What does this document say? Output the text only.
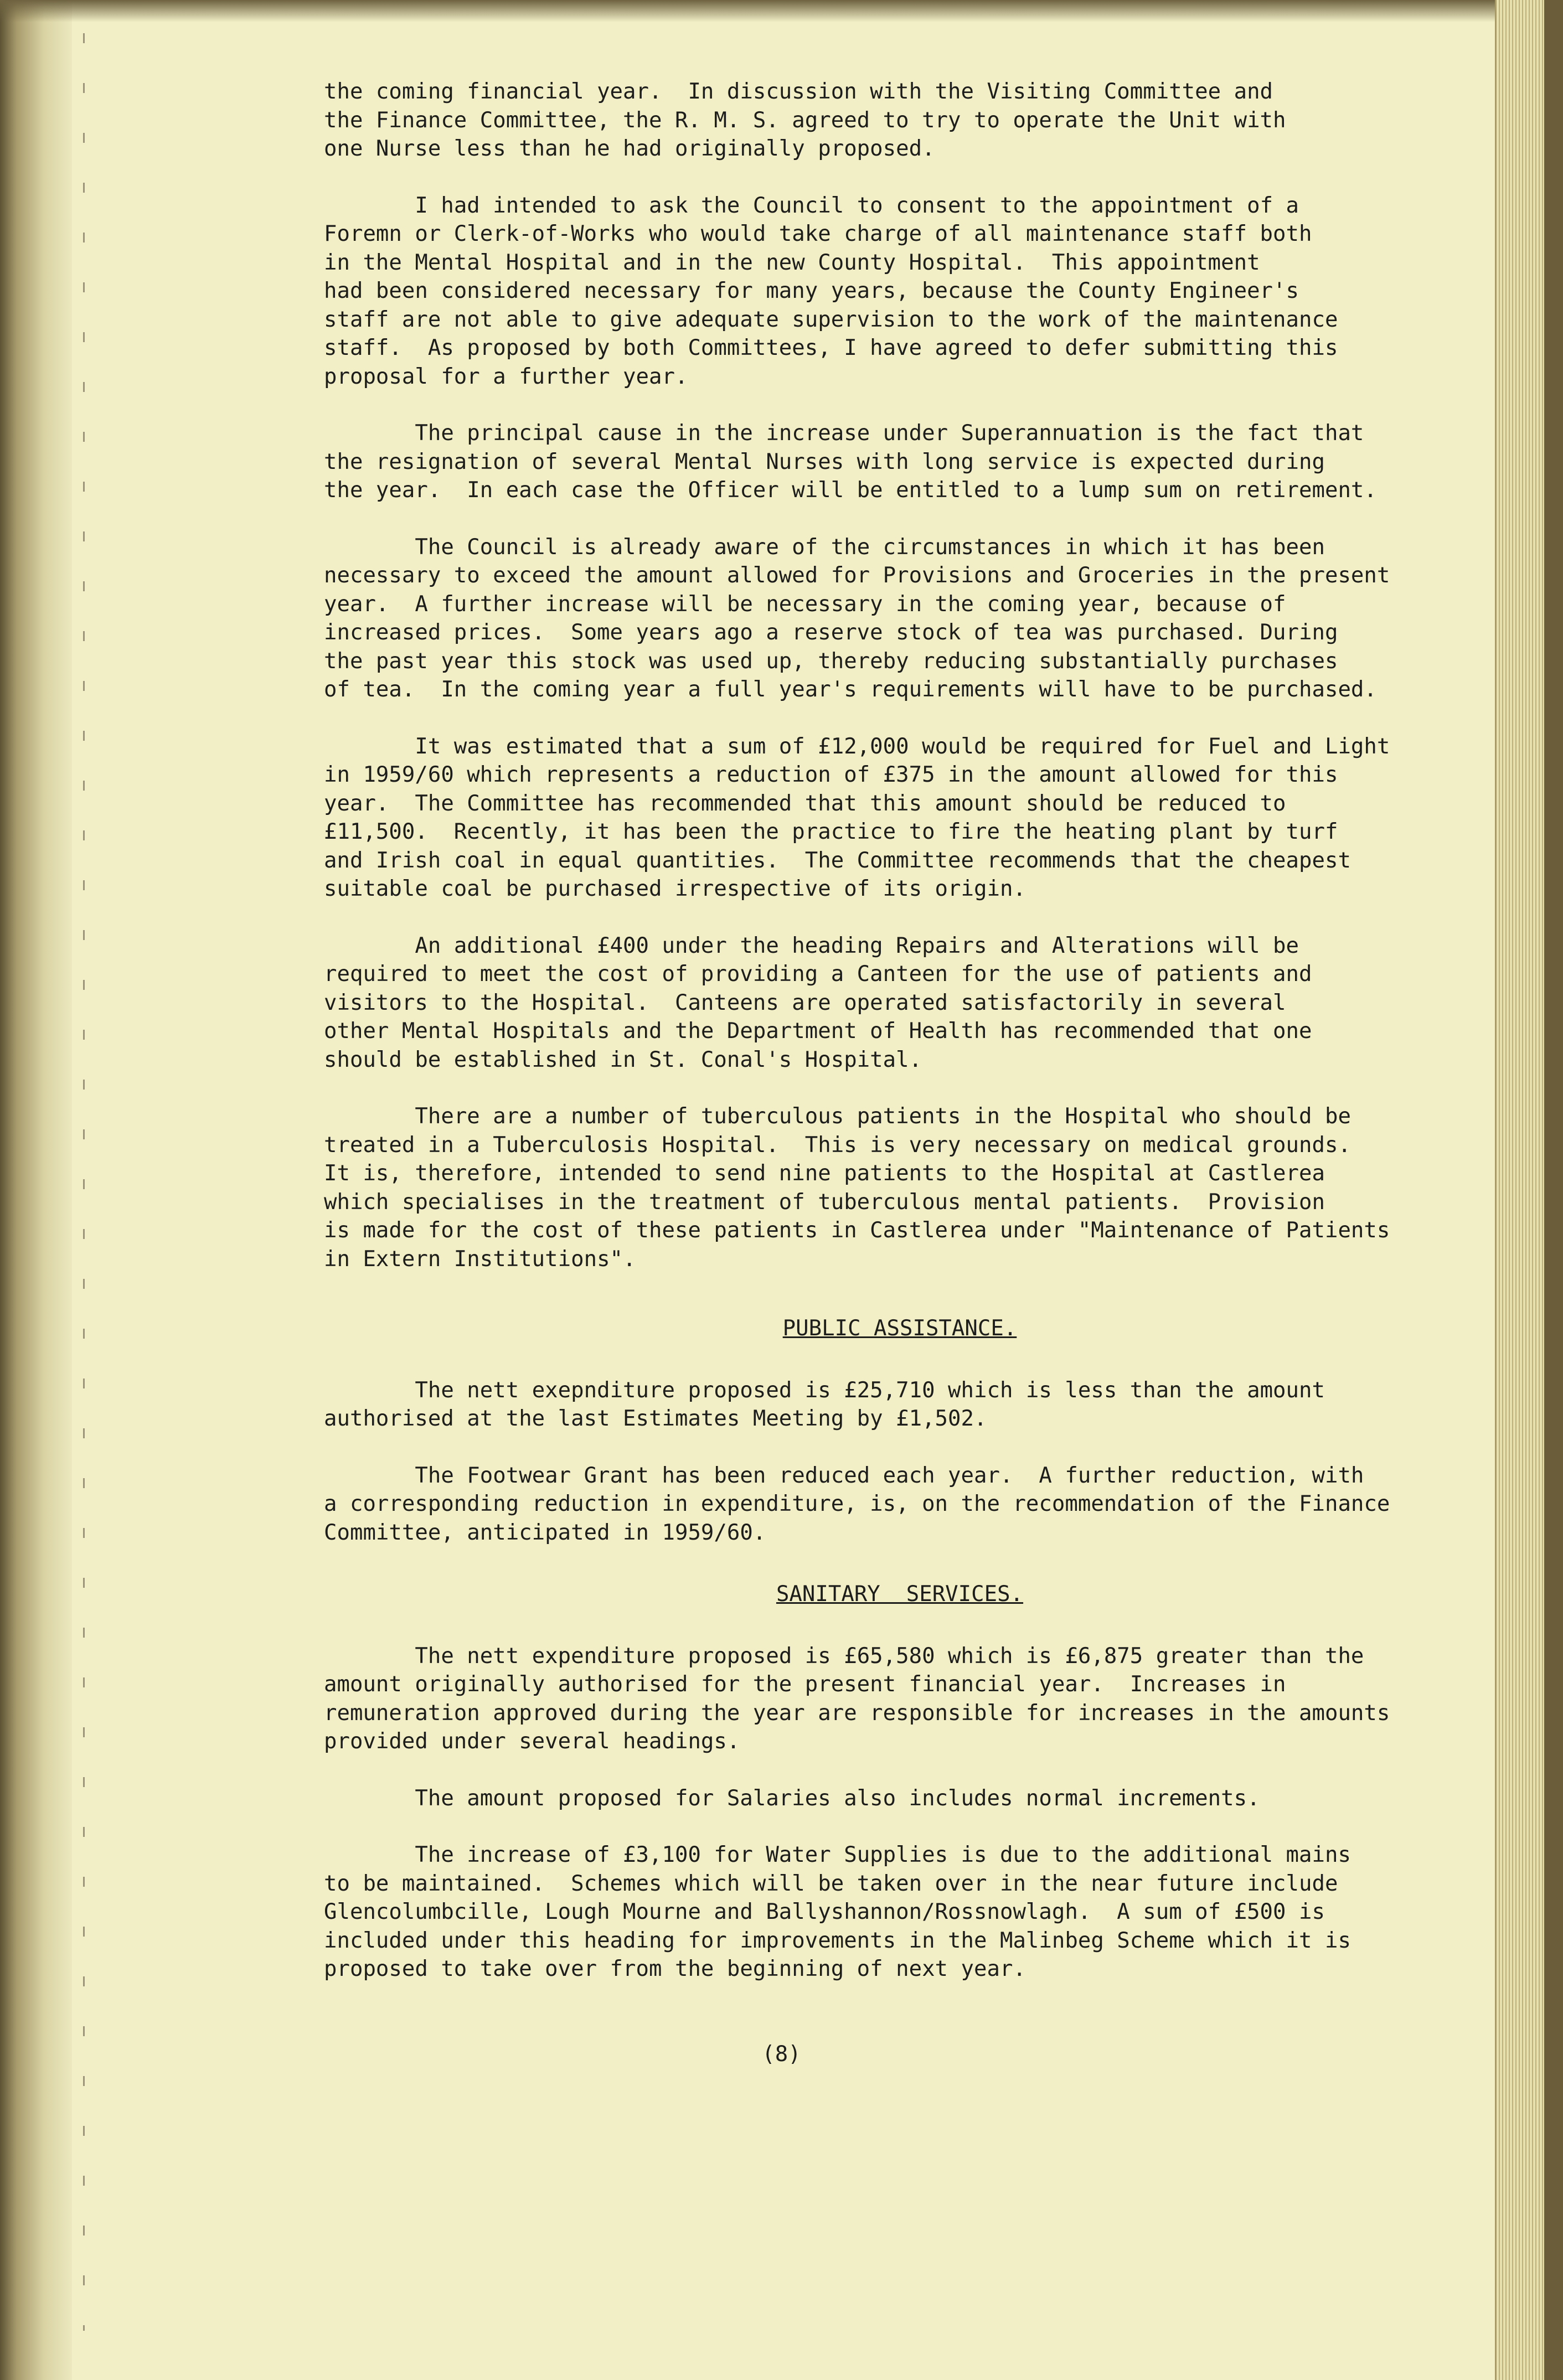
the coming financial year.  In discussion with the Visiting Committee and
the Finance Committee, the R. M. S. agreed to try to operate the Unit with
one Nurse less than he had originally proposed.

I had intended to ask the Council to consent to the appointment of a
Foremn or Clerk-of-Works who would take charge of all maintenance staff both
in the Mental Hospital and in the new County Hospital.  This appointment
had been considered necessary for many years, because the County Engineer's
staff are not able to give adequate supervision to the work of the maintenance
staff.  As proposed by both Committees, I have agreed to defer submitting this
proposal for a further year.

The principal cause in the increase under Superannuation is the fact that
the resignation of several Mental Nurses with long service is expected during
the year.  In each case the Officer will be entitled to a lump sum on retirement.

The Council is already aware of the circumstances in which it has been
necessary to exceed the amount allowed for Provisions and Groceries in the present
year.  A further increase will be necessary in the coming year, because of
increased prices.  Some years ago a reserve stock of tea was purchased. During
the past year this stock was used up, thereby reducing substantially purchases
of tea.  In the coming year a full year's requirements will have to be purchased.

It was estimated that a sum of £12,000 would be required for Fuel and Light
in 1959/60 which represents a reduction of £375 in the amount allowed for this
year.  The Committee has recommended that this amount should be reduced to
£11,500.  Recently, it has been the practice to fire the heating plant by turf
and Irish coal in equal quantities.  The Committee recommends that the cheapest
suitable coal be purchased irrespective of its origin.

An additional £400 under the heading Repairs and Alterations will be
required to meet the cost of providing a Canteen for the use of patients and
visitors to the Hospital.  Canteens are operated satisfactorily in several
other Mental Hospitals and the Department of Health has recommended that one
should be established in St. Conal's Hospital.

There are a number of tuberculous patients in the Hospital who should be
treated in a Tuberculosis Hospital.  This is very necessary on medical grounds.
It is, therefore, intended to send nine patients to the Hospital at Castlerea
which specialises in the treatment of tuberculous mental patients.  Provision
is made for the cost of these patients in Castlerea under "Maintenance of Patients
in Extern Institutions".

PUBLIC ASSISTANCE.

The nett exepnditure proposed is £25,710 which is less than the amount
authorised at the last Estimates Meeting by £1,502.

The Footwear Grant has been reduced each year.  A further reduction, with
a corresponding reduction in expenditure, is, on the recommendation of the Finance
Committee, anticipated in 1959/60.

SANITARY  SERVICES.

The nett expenditure proposed is £65,580 which is £6,875 greater than the
amount originally authorised for the present financial year.  Increases in
remuneration approved during the year are responsible for increases in the amounts
provided under several headings.

The amount proposed for Salaries also includes normal increments.

The increase of £3,100 for Water Supplies is due to the additional mains
to be maintained.  Schemes which will be taken over in the near future include
Glencolumbcille, Lough Mourne and Ballyshannon/Rossnowlagh.  A sum of £500 is
included under this heading for improvements in the Malinbeg Scheme which it is
proposed to take over from the beginning of next year.

(8)
